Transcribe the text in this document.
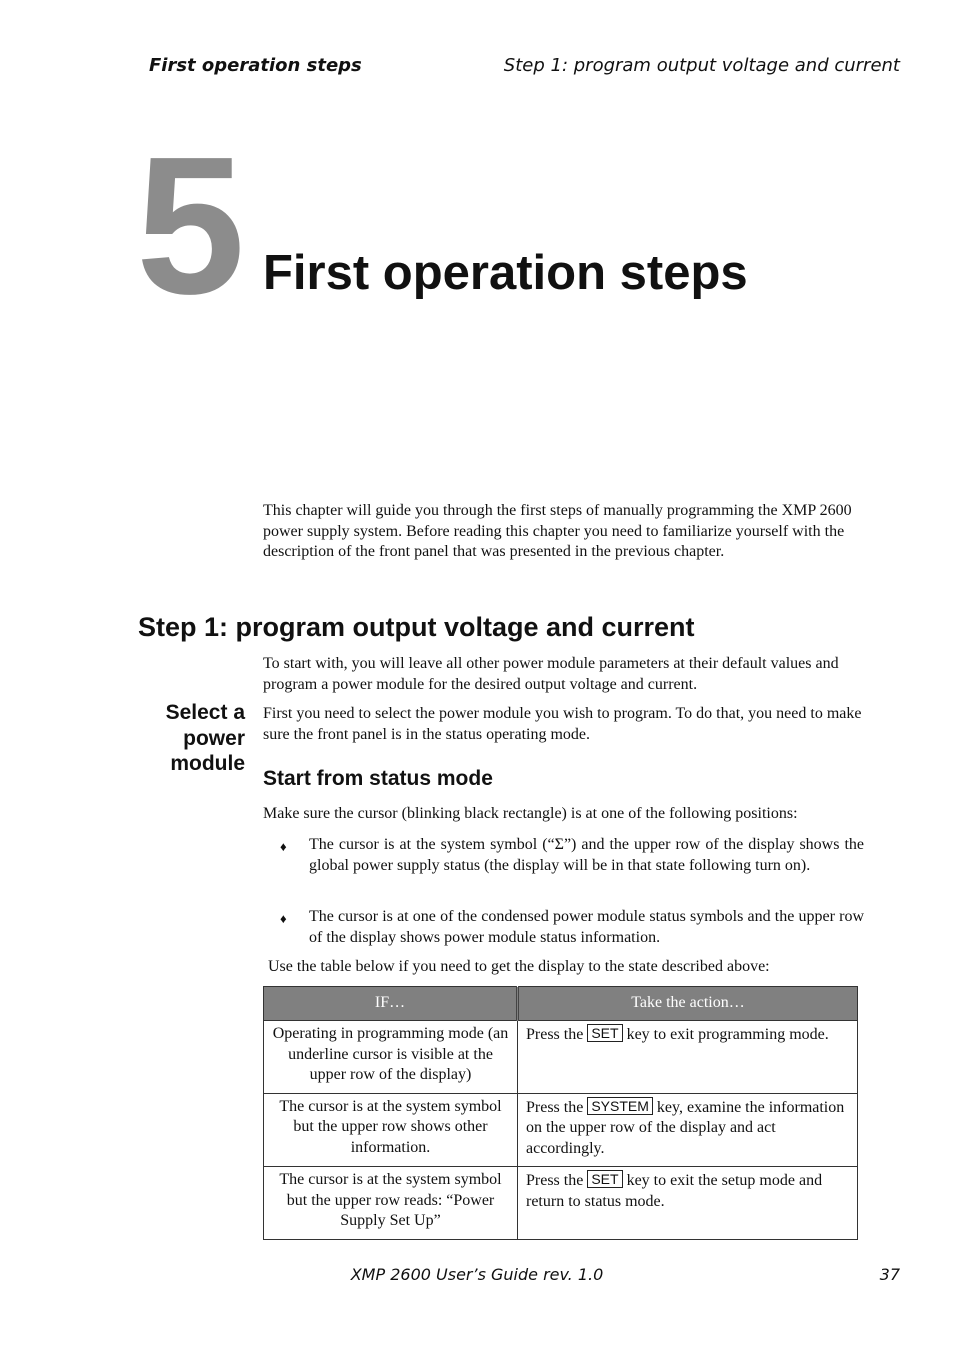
First operation steps	Step 1: program output voltage and current
5 First operation steps
This chapter will guide you through the first steps of manually programming the XMP 2600 power supply system. Before reading this chapter you need to familiarize yourself with the description of the front panel that was presented in the previous chapter.
Step 1: program output voltage and current
To start with, you will leave all other power module parameters at their default values and program a power module for the desired output voltage and current.
Select a power module
First you need to select the power module you wish to program. To do that, you need to make sure the front panel is in the status operating mode.
Start from status mode
Make sure the cursor (blinking black rectangle) is at one of the following positions:
♦	The cursor is at the system symbol (“Σ”) and the upper row of the display shows the global power supply status (the display will be in that state following turn on).
♦	The cursor is at one of the condensed power module status symbols and the upper row of the display shows power module status information.
Use the table below if you need to get the display to the state described above:
IF…	Take the action…
Operating in programming mode (an underline cursor is visible at the upper row of the display)	Press the SET key to exit programming mode.
The cursor is at the system symbol but the upper row shows other information.	Press the SYSTEM key, examine the information on the upper row of the display and act accordingly.
The cursor is at the system symbol but the upper row reads: “Power Supply Set Up”	Press the SET key to exit the setup mode and return to status mode.
XMP 2600 User’s Guide rev. 1.0	37
